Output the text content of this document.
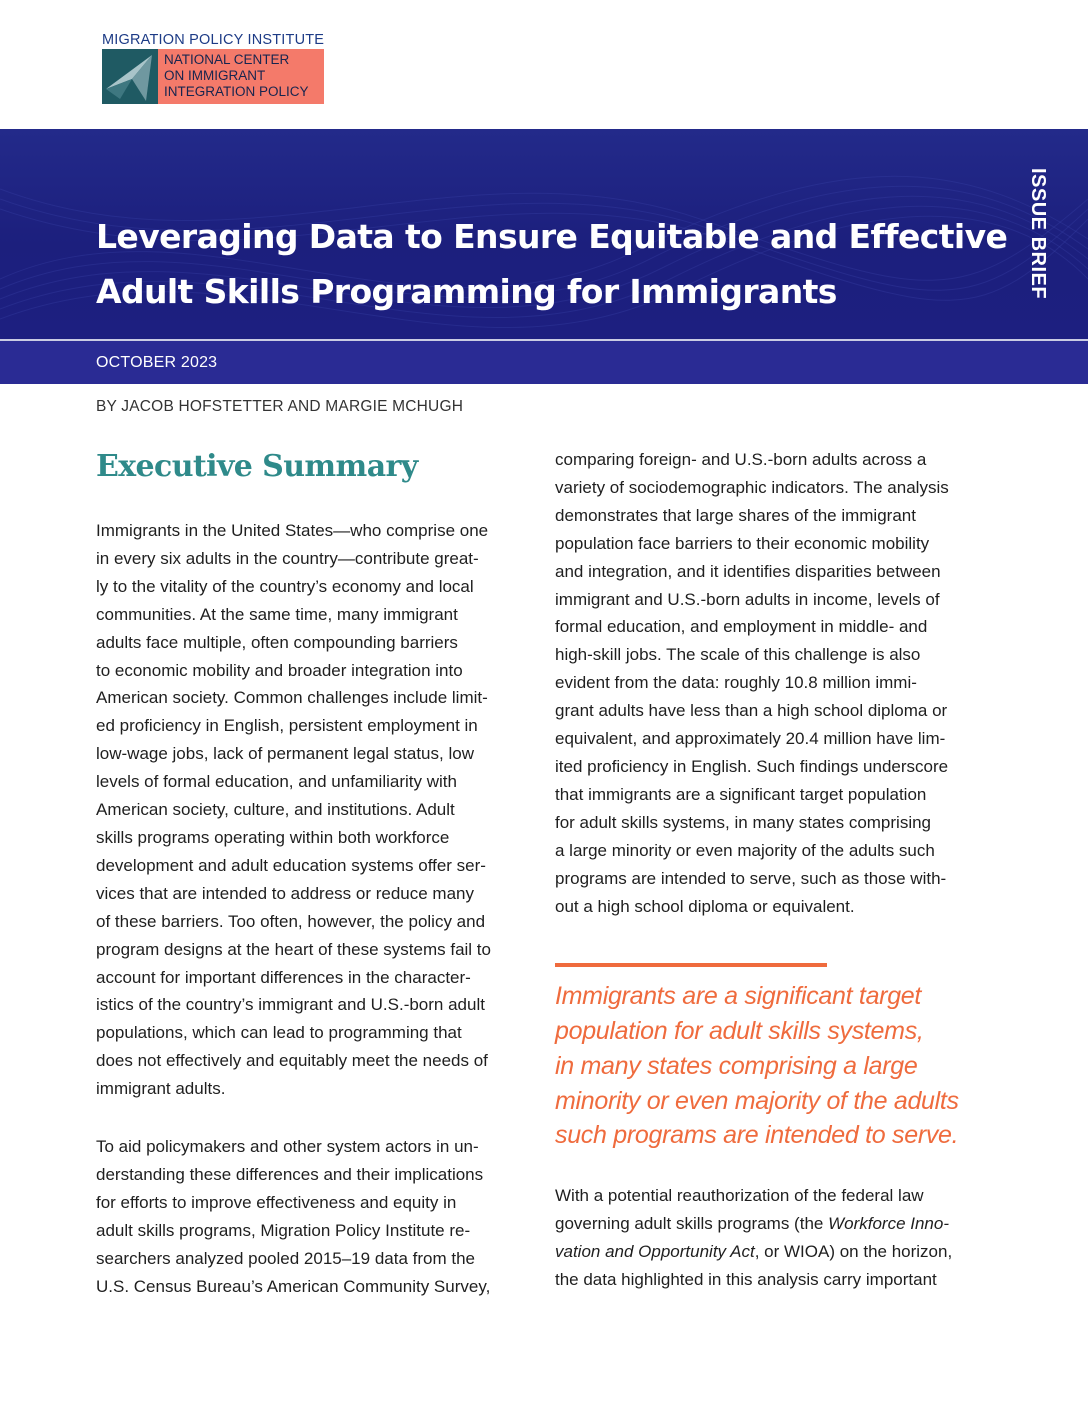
MIGRATION POLICY INSTITUTE
NATIONAL CENTER
ON IMMIGRANT
INTEGRATION POLICY
Leveraging Data to Ensure Equitable and Effective
Adult Skills Programming for Immigrants	ISSUE BRIEF
OCTOBER 2023
BY JACOB HOFSTETTER AND MARGIE MCHUGH
Executive Summary

Immigrants in the United States—who comprise one
in every six adults in the country—contribute great-
ly to the vitality of the country’s economy and local
communities. At the same time, many immigrant
adults face multiple, often compounding barriers
to economic mobility and broader integration into
American society. Common challenges include limit-
ed proficiency in English, persistent employment in
low-wage jobs, lack of permanent legal status, low
levels of formal education, and unfamiliarity with
American society, culture, and institutions. Adult
skills programs operating within both workforce
development and adult education systems offer ser-
vices that are intended to address or reduce many
of these barriers. Too often, however, the policy and
program designs at the heart of these systems fail to
account for important differences in the character-
istics of the country’s immigrant and U.S.-born adult
populations, which can lead to programming that
does not effectively and equitably meet the needs of
immigrant adults.

To aid policymakers and other system actors in un-
derstanding these differences and their implications
for efforts to improve effectiveness and equity in
adult skills programs, Migration Policy Institute re-
searchers analyzed pooled 2015–19 data from the
U.S. Census Bureau’s American Community Survey,

comparing foreign- and U.S.-born adults across a
variety of sociodemographic indicators. The analysis
demonstrates that large shares of the immigrant
population face barriers to their economic mobility
and integration, and it identifies disparities between
immigrant and U.S.-born adults in income, levels of
formal education, and employment in middle- and
high-skill jobs. The scale of this challenge is also
evident from the data: roughly 10.8 million immi-
grant adults have less than a high school diploma or
equivalent, and approximately 20.4 million have lim-
ited proficiency in English. Such findings underscore
that immigrants are a significant target population
for adult skills systems, in many states comprising
a large minority or even majority of the adults such
programs are intended to serve, such as those with-
out a high school diploma or equivalent.

Immigrants are a significant target
population for adult skills systems,
in many states comprising a large
minority or even majority of the adults
such programs are intended to serve.

With a potential reauthorization of the federal law
governing adult skills programs (the Workforce Inno-
vation and Opportunity Act, or WIOA) on the horizon,
the data highlighted in this analysis carry important
